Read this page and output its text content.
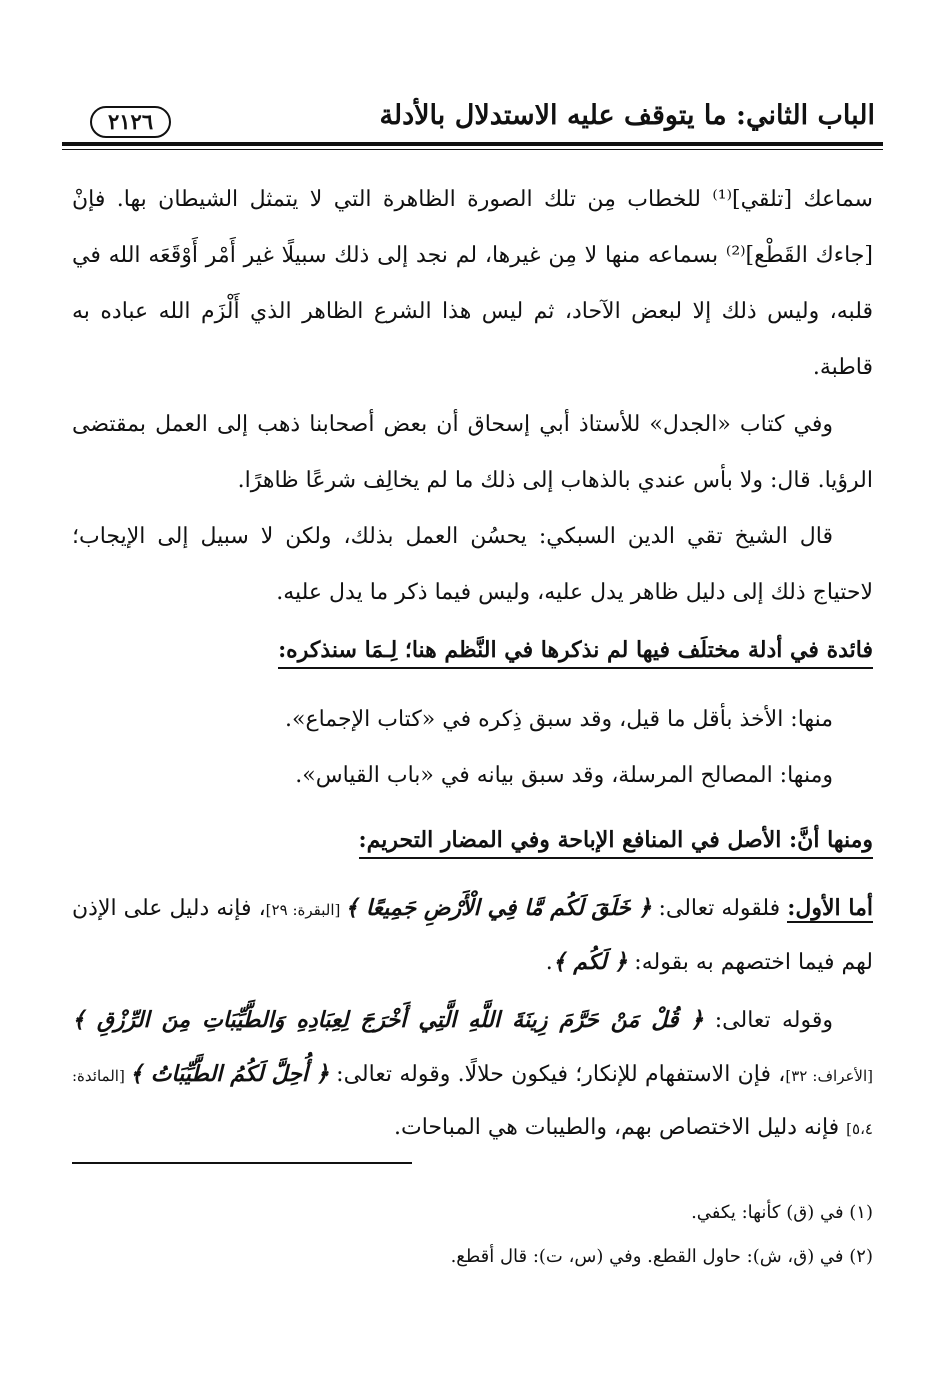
الباب الثاني: ما يتوقف عليه الاستدلال بالأدلة
٢١٢٦
سماعك [تلقي]⁽¹⁾ للخطاب مِن تلك الصورة الظاهرة التي لا يتمثل الشيطان بها. فإنْ [جاءك القَطْع]⁽²⁾ بسماعه منها لا مِن غيرها، لم نجد إلى ذلك سبيلًا غير أَمْر أَوْقَعَه الله في قلبه، وليس ذلك إلا لبعض الآحاد، ثم ليس هذا الشرع الظاهر الذي أَلْزَم الله عباده به قاطبة.
وفي كتاب «الجدل» للأستاذ أبي إسحاق أن بعض أصحابنا ذهب إلى العمل بمقتضى الرؤيا. قال: ولا بأس عندي بالذهاب إلى ذلك ما لم يخالِف شرعًا ظاهرًا.
قال الشيخ تقي الدين السبكي: يحسُن العمل بذلك، ولكن لا سبيل إلى الإيجاب؛ لاحتياج ذلك إلى دليل ظاهر يدل عليه، وليس فيما ذكر ما يدل عليه.
فائدة في أدلة مختلَف فيها لم نذكرها في النَّظم هنا؛ لِـمَا سنذكره:
منها: الأخذ بأقل ما قيل، وقد سبق ذِكره في «كتاب الإجماع».
ومنها: المصالح المرسلة، وقد سبق بيانه في «باب القياس».
ومنها أنَّ: الأصل في المنافع الإباحة وفي المضار التحريم:
أما الأول: فلقوله تعالى: ﴿ خَلَقَ لَكُم مَّا فِي الْأَرْضِ جَمِيعًا ﴾ [البقرة: ٢٩]، فإنه دليل على الإذن لهم فيما اختصهم به بقوله: ﴿ لَكُم ﴾.
وقوله تعالى: ﴿ قُلْ مَنْ حَرَّمَ زِينَةَ اللَّهِ الَّتِي أَخْرَجَ لِعِبَادِهِ وَالطَّيِّبَاتِ مِنَ الرِّزْقِ ﴾ [الأعراف: ٣٢]، فإن الاستفهام للإنكار؛ فيكون حلالًا. وقوله تعالى: ﴿ أُحِلَّ لَكُمُ الطَّيِّبَاتُ ﴾ [المائدة: ٥،٤] فإنه دليل الاختصاص بهم، والطيبات هي المباحات.
(١) في (ق) كأنها: يكفي.
(٢) في (ق، ش): حاول القطع. وفي (س، ت): قال أقطع.
